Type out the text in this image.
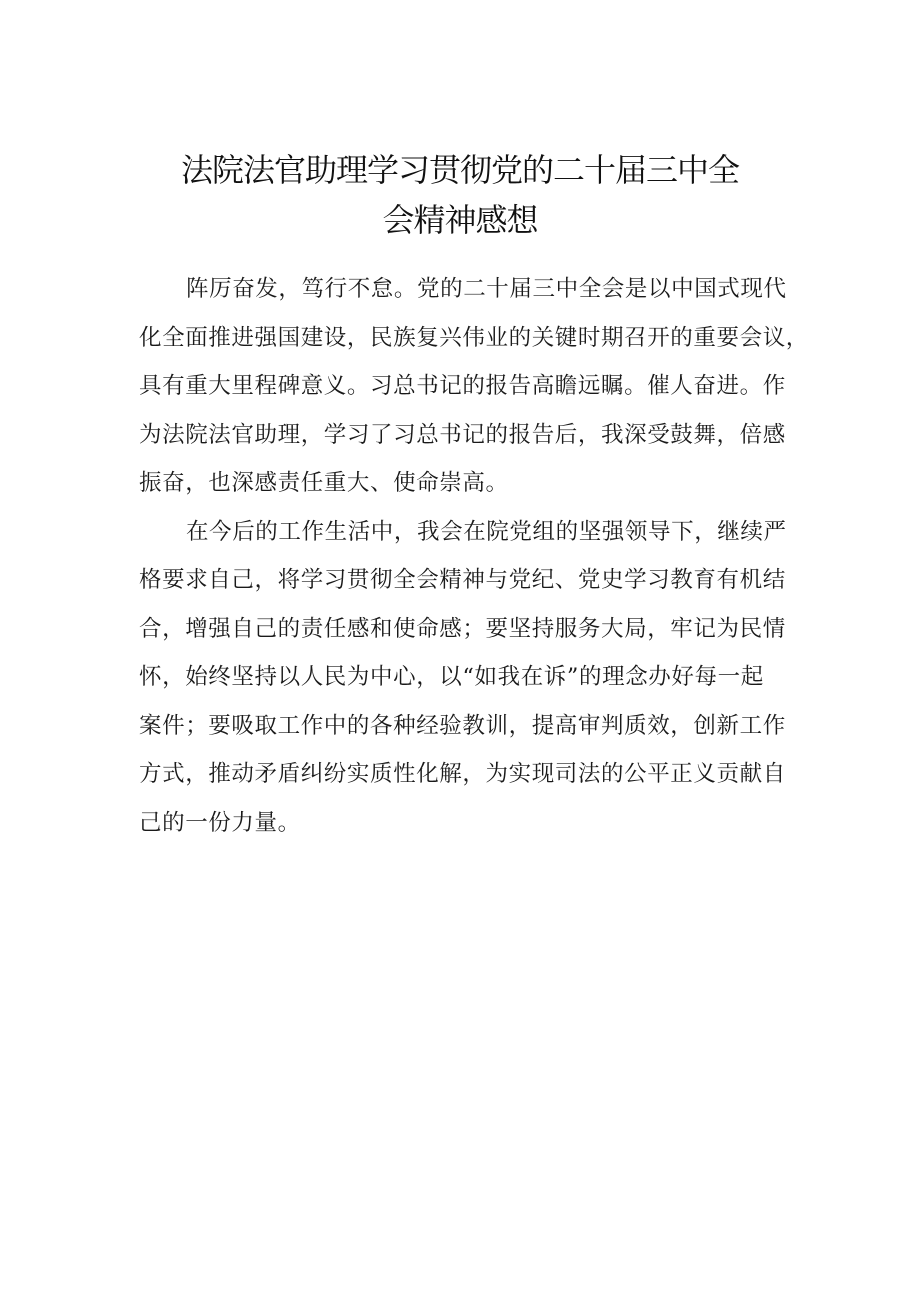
法院法官助理学习贯彻党的二十届三中全
会精神感想

阵厉奋发，笃行不怠。党的二十届三中全会是以中国式现代
化全面推进强国建设，民族复兴伟业的关键时期召开的重要会议，
具有重大里程碑意义。习总书记的报告高瞻远瞩。催人奋进。作
为法院法官助理，学习了习总书记的报告后，我深受鼓舞，倍感
振奋，也深感责任重大、使命崇高。

在今后的工作生活中，我会在院党组的坚强领导下，继续严
格要求自己，将学习贯彻全会精神与党纪、党史学习教育有机结
合，增强自己的责任感和使命感；要坚持服务大局，牢记为民情
怀，始终坚持以人民为中心，以“如我在诉”的理念办好每一起
案件；要吸取工作中的各种经验教训，提高审判质效，创新工作
方式，推动矛盾纠纷实质性化解，为实现司法的公平正义贡献自
己的一份力量。
